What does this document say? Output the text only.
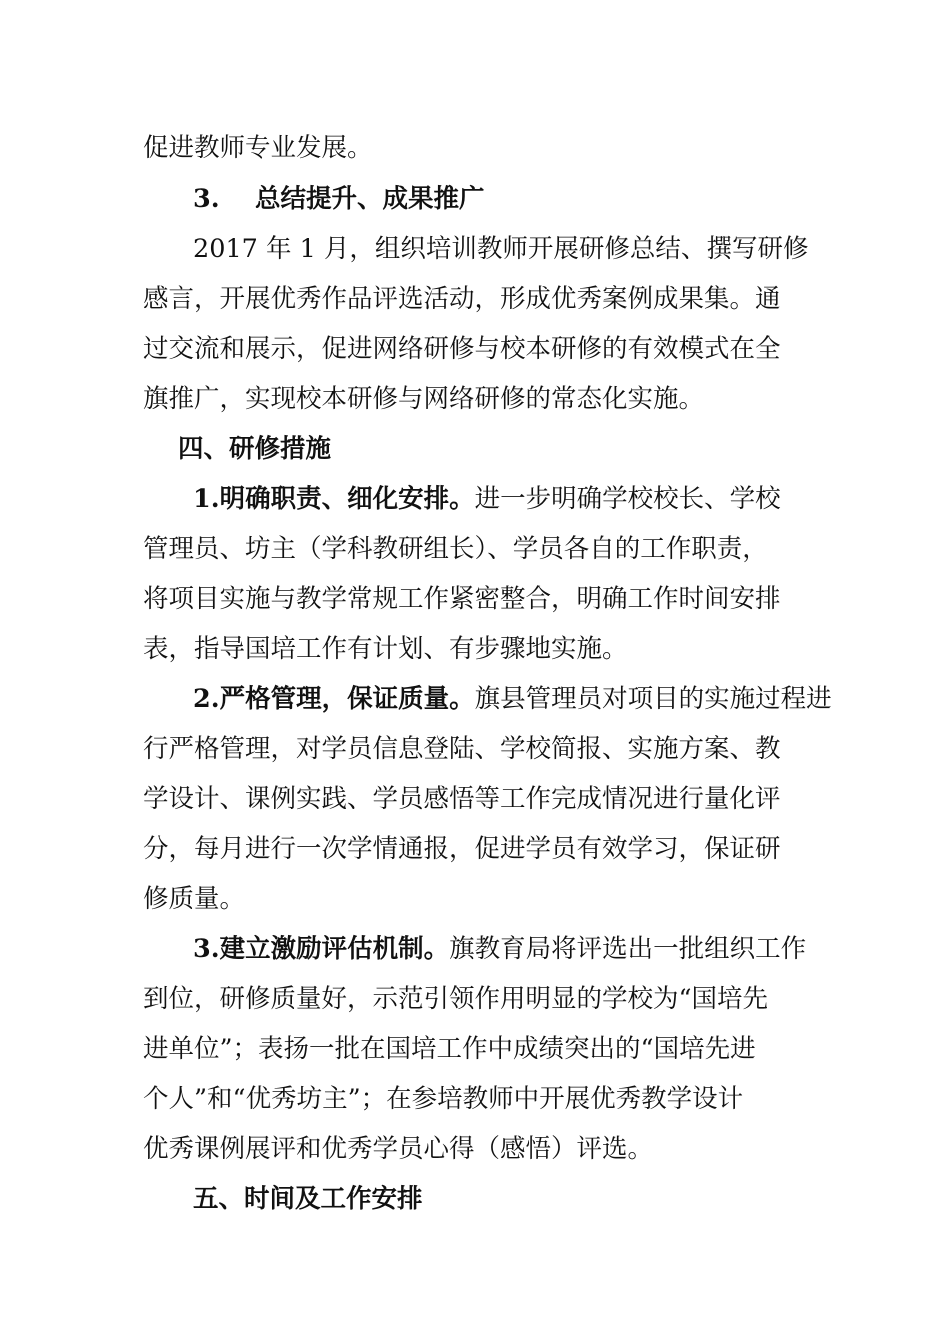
促进教师专业发展。
3. 总结提升、成果推广
2017 年 1 月，组织培训教师开展研修总结、撰写研修
感言，开展优秀作品评选活动，形成优秀案例成果集。通
过交流和展示，促进网络研修与校本研修的有效模式在全
旗推广，实现校本研修与网络研修的常态化实施。
四、研修措施
1.明确职责、细化安排。进一步明确学校校长、学校
管理员、坊主（学科教研组长）、学员各自的工作职责，
将项目实施与教学常规工作紧密整合，明确工作时间安排
表，指导国培工作有计划、有步骤地实施。
2.严格管理，保证质量。旗县管理员对项目的实施过程进
行严格管理，对学员信息登陆、学校简报、实施方案、教
学设计、课例实践、学员感悟等工作完成情况进行量化评
分，每月进行一次学情通报，促进学员有效学习，保证研
修质量。
3.建立激励评估机制。旗教育局将评选出一批组织工作
到位，研修质量好，示范引领作用明显的学校为“国培先
进单位”；表扬一批在国培工作中成绩突出的“国培先进
个人”和“优秀坊主”；在参培教师中开展优秀教学设计
优秀课例展评和优秀学员心得（感悟）评选。
五、时间及工作安排
